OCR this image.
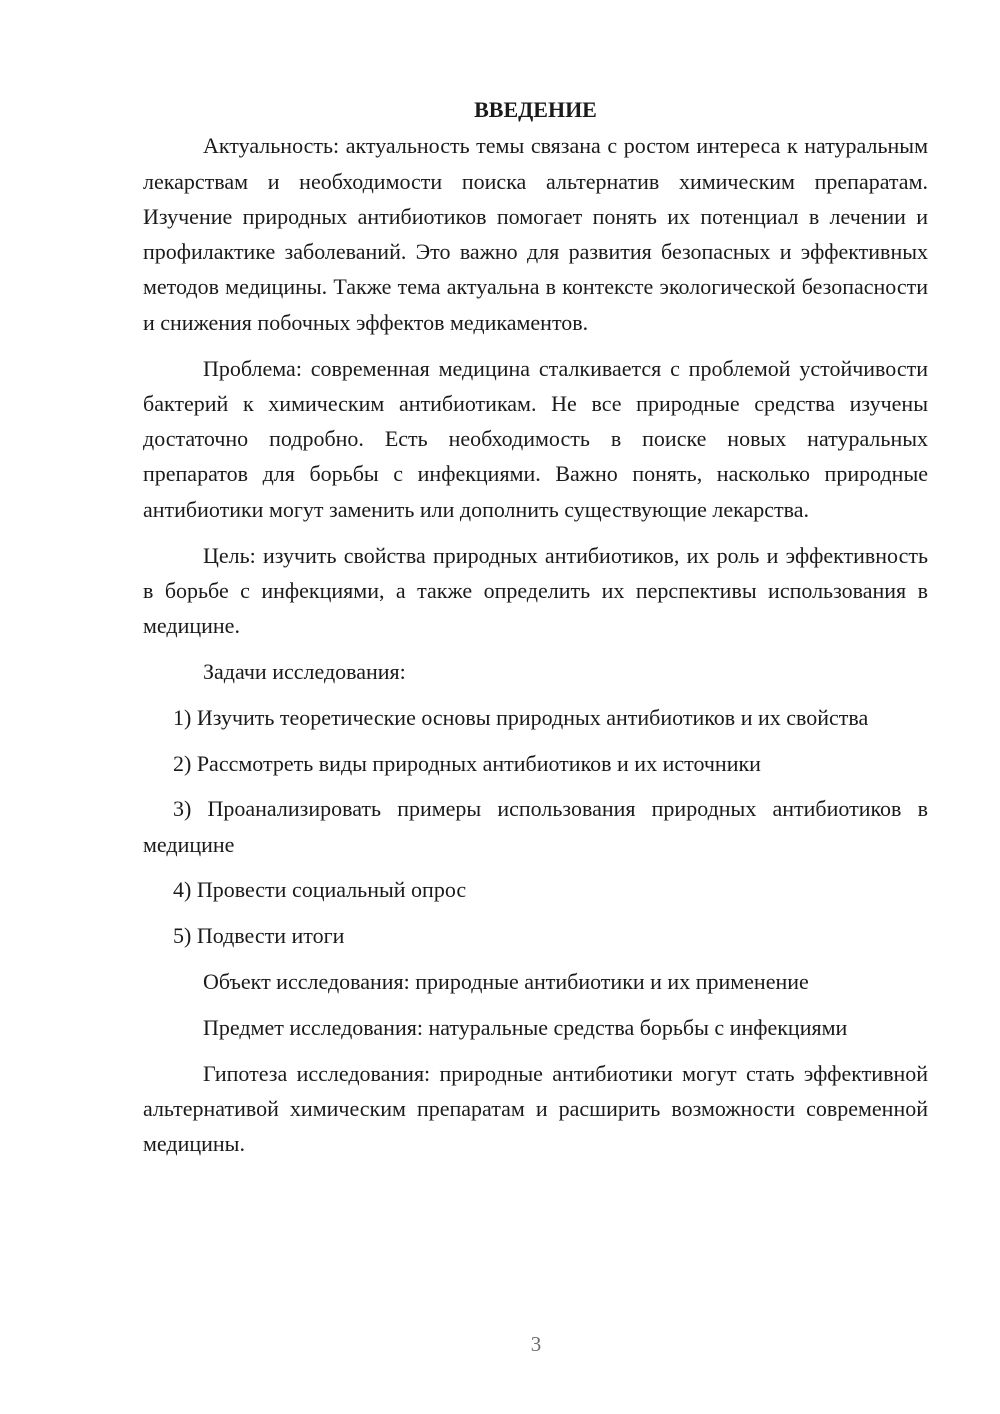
ВВЕДЕНИЕ

Актуальность: актуальность темы связана с ростом интереса к натуральным лекарствам и необходимости поиска альтернатив химическим препаратам. Изучение природных антибиотиков помогает понять их потенциал в лечении и профилактике заболеваний. Это важно для развития безопасных и эффективных методов медицины. Также тема актуальна в контексте экологической безопасности и снижения побочных эффектов медикаментов.

Проблема: современная медицина сталкивается с проблемой устойчивости бактерий к химическим антибиотикам. Не все природные средства изучены достаточно подробно. Есть необходимость в поиске новых натуральных препаратов для борьбы с инфекциями. Важно понять, насколько природные антибиотики могут заменить или дополнить существующие лекарства.

Цель: изучить свойства природных антибиотиков, их роль и эффективность в борьбе с инфекциями, а также определить их перспективы использования в медицине.

Задачи исследования:

1) Изучить теоретические основы природных антибиотиков и их свойства

2) Рассмотреть виды природных антибиотиков и их источники

3) Проанализировать примеры использования природных антибиотиков в медицине

4) Провести социальный опрос

5) Подвести итоги

Объект исследования: природные антибиотики и их применение

Предмет исследования: натуральные средства борьбы с инфекциями

Гипотеза исследования: природные антибиотики могут стать эффективной альтернативой химическим препаратам и расширить возможности современной медицины.

3
